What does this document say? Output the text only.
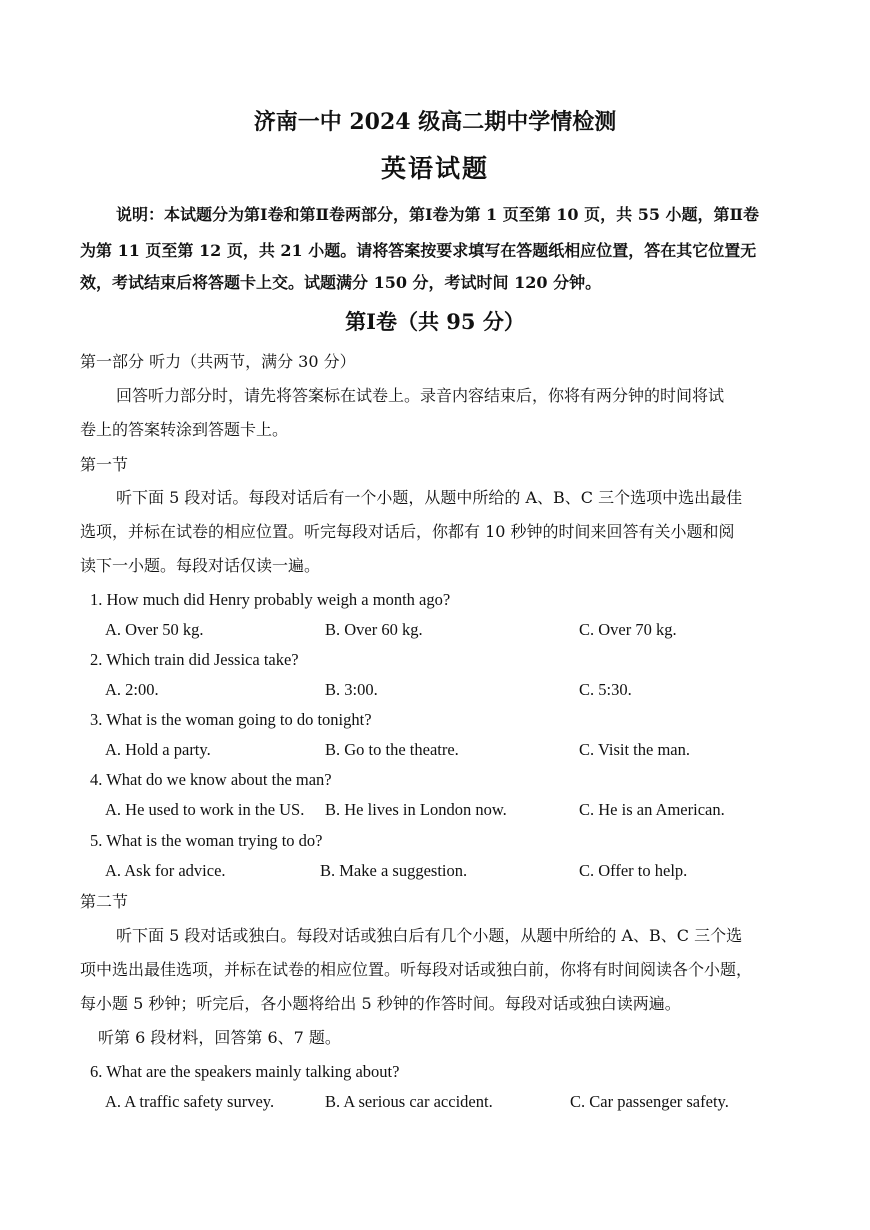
济南一中 2024 级高二期中学情检测
英语试题
说明：本试题分为第Ⅰ卷和第Ⅱ卷两部分，第Ⅰ卷为第 1 页至第 10 页，共 55 小题，第Ⅱ卷
为第 11 页至第 12 页，共 21 小题。请将答案按要求填写在答题纸相应位置，答在其它位置无
效，考试结束后将答题卡上交。试题满分 150 分，考试时间 120 分钟。
第Ⅰ卷（共 95 分）
第一部分 听力（共两节，满分 30 分）
回答听力部分时，请先将答案标在试卷上。录音内容结束后，你将有两分钟的时间将试
卷上的答案转涂到答题卡上。
第一节
听下面 5 段对话。每段对话后有一个小题，从题中所给的 A、B、C 三个选项中选出最佳
选项，并标在试卷的相应位置。听完每段对话后，你都有 10 秒钟的时间来回答有关小题和阅
读下一小题。每段对话仅读一遍。
1. How much did Henry probably weigh a month ago?
A. Over 50 kg.	B. Over 60 kg.	C. Over 70 kg.
2. Which train did Jessica take?
A. 2:00.	B. 3:00.	C. 5:30.
3. What is the woman going to do tonight?
A. Hold a party.	B. Go to the theatre.	C. Visit the man.
4. What do we know about the man?
A. He used to work in the US. B. He lives in London now.	C. He is an American.
5. What is the woman trying to do?
A. Ask for advice.	B. Make a suggestion.	C. Offer to help.
第二节
听下面 5 段对话或独白。每段对话或独白后有几个小题，从题中所给的 A、B、C 三个选
项中选出最佳选项，并标在试卷的相应位置。听每段对话或独白前，你将有时间阅读各个小题，
每小题 5 秒钟；听完后，各小题将给出 5 秒钟的作答时间。每段对话或独白读两遍。
听第 6 段材料，回答第 6、7 题。
6. What are the speakers mainly talking about?
A. A traffic safety survey.	B. A serious car accident.	C. Car passenger safety.
